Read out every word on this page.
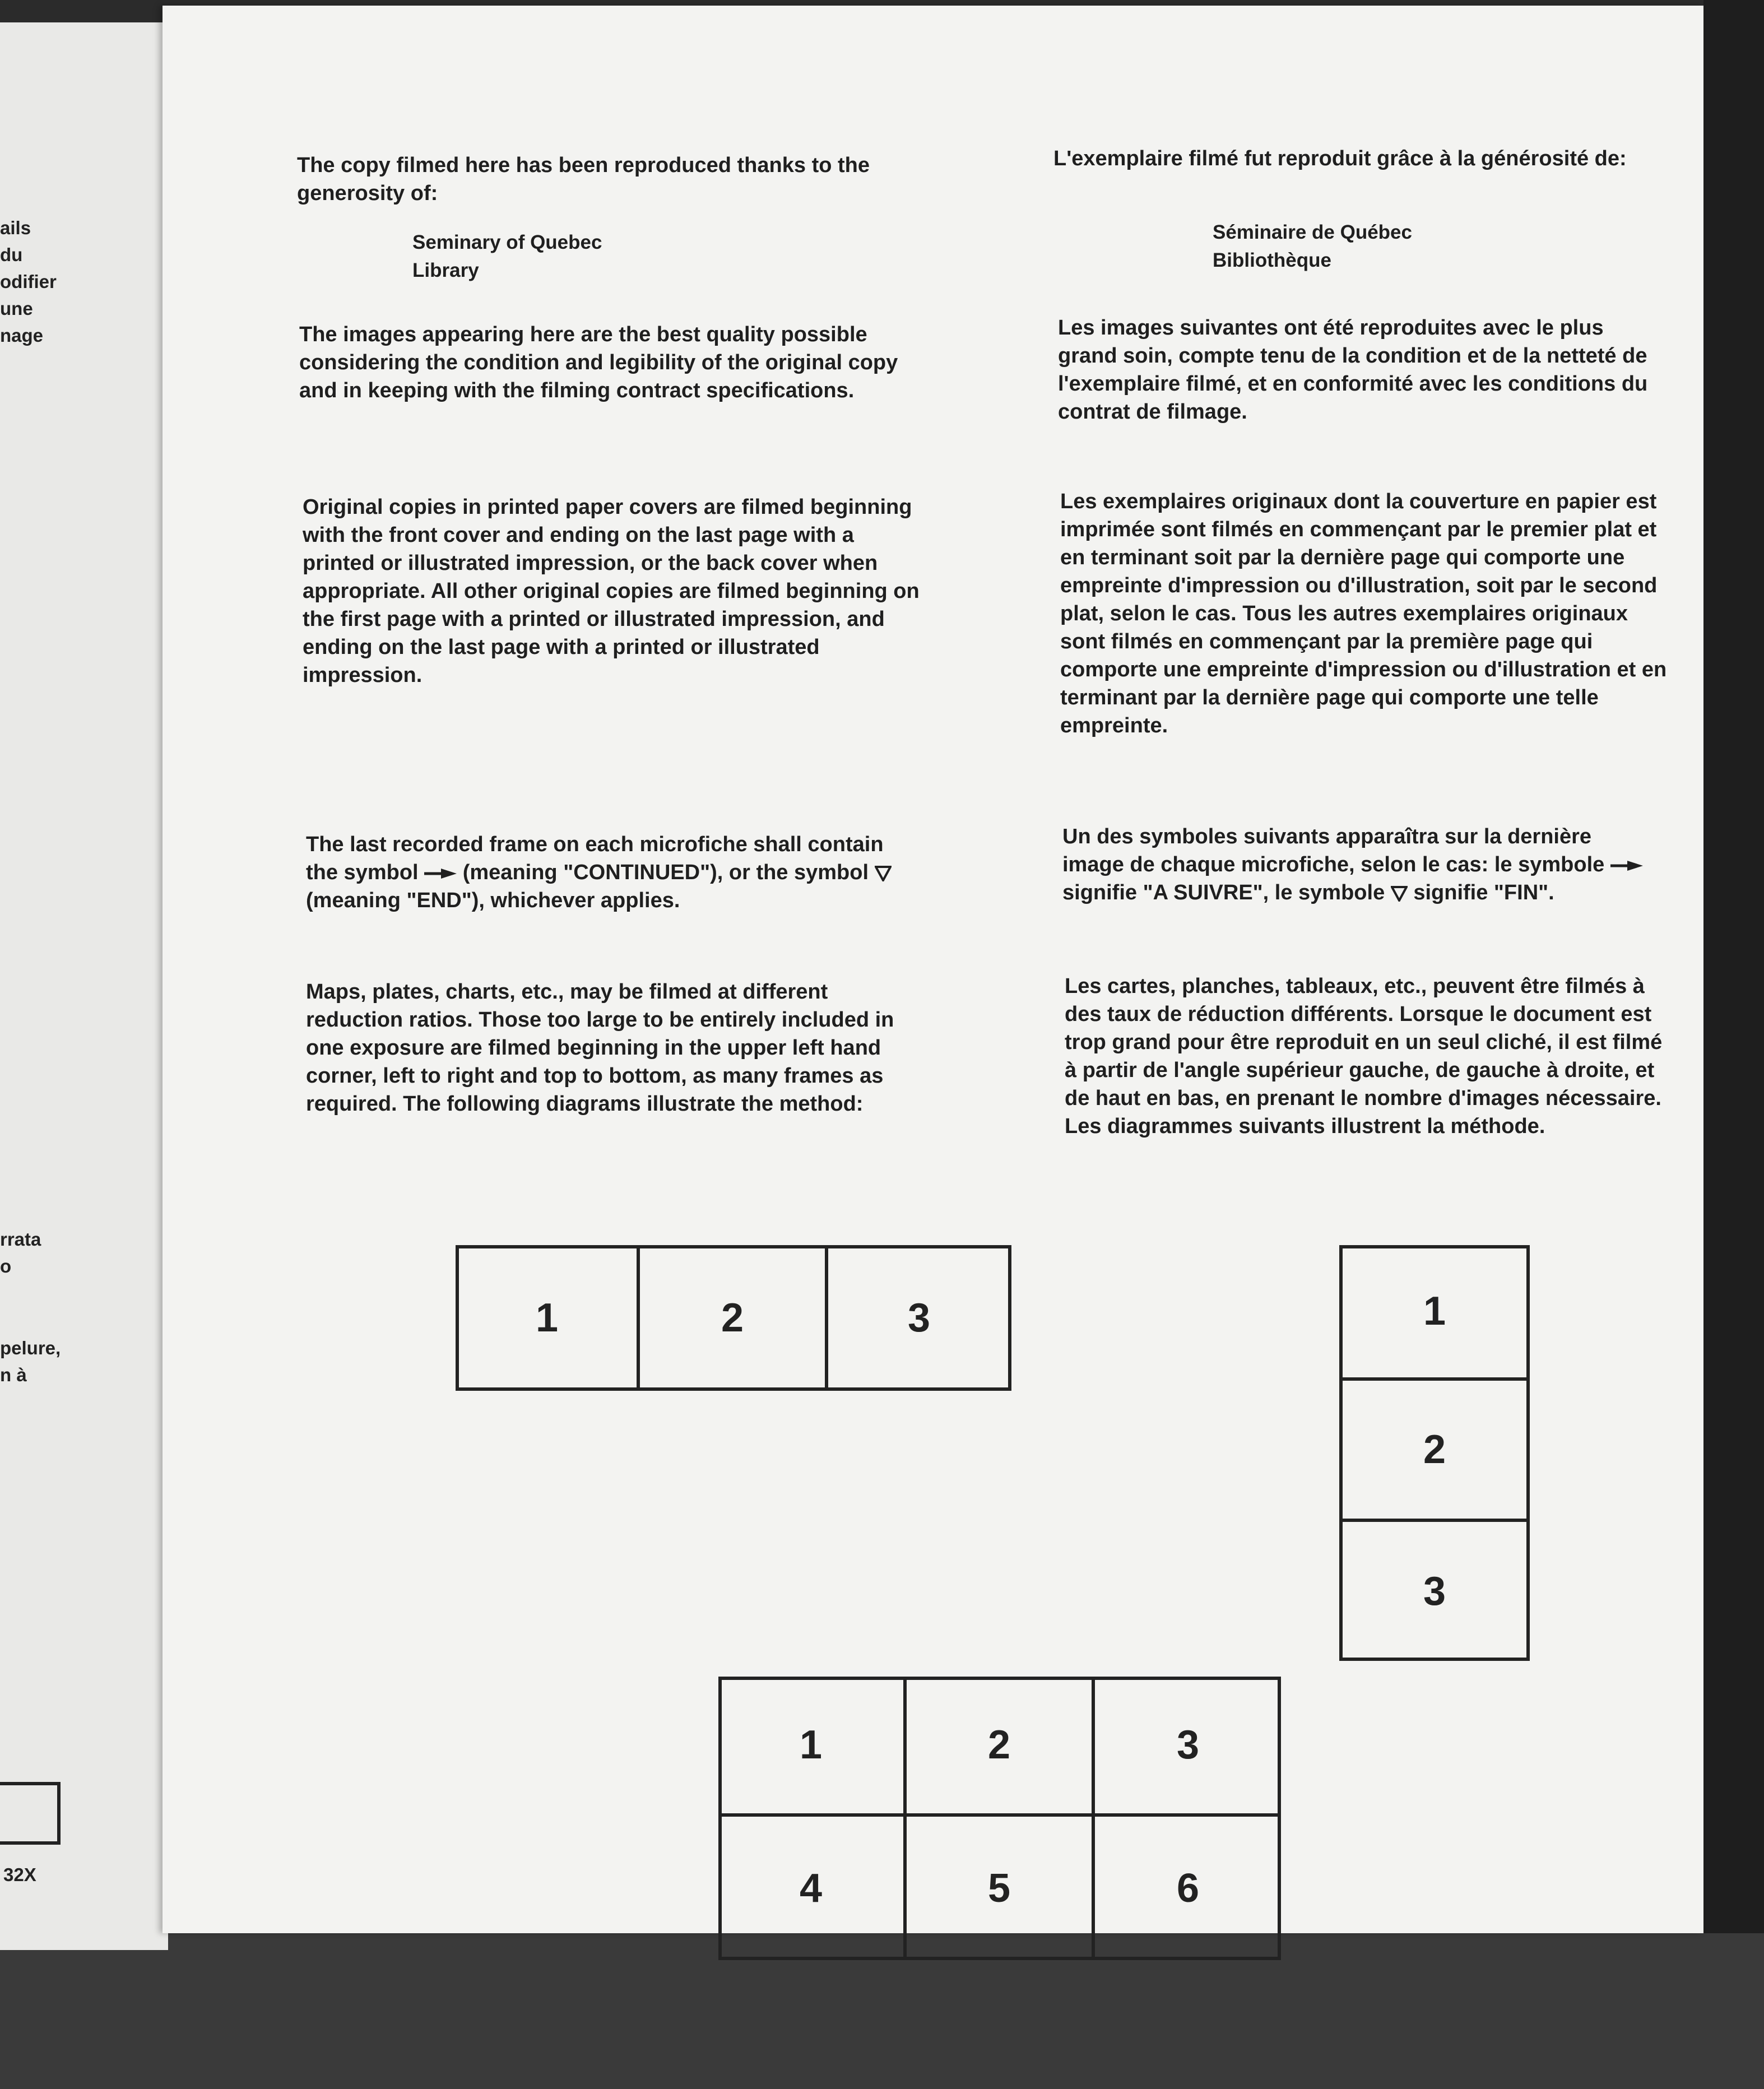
ails
du
odifier
une
nage
rrata
o
pelure,
n à
32X

The copy filmed here has been reproduced thanks to the generosity of:

Seminary of Quebec
Library

The images appearing here are the best quality possible considering the condition and legibility of the original copy and in keeping with the filming contract specifications.

Original copies in printed paper covers are filmed beginning with the front cover and ending on the last page with a printed or illustrated impression, or the back cover when appropriate. All other original copies are filmed beginning on the first page with a printed or illustrated impression, and ending on the last page with a printed or illustrated impression.

The last recorded frame on each microfiche shall contain the symbol (meaning "CONTINUED"), or the symbol  (meaning "END"), whichever applies.

Maps, plates, charts, etc., may be filmed at different reduction ratios. Those too large to be entirely included in one exposure are filmed beginning in the upper left hand corner, left to right and top to bottom, as many frames as required. The following diagrams illustrate the method:

L'exemplaire filmé fut reproduit grâce à la générosité de:

Séminaire de Québec
Bibliothèque

Les images suivantes ont été reproduites avec le plus grand soin, compte tenu de la condition et de la netteté de l'exemplaire filmé, et en conformité avec les conditions du contrat de filmage.

Les exemplaires originaux dont la couverture en papier est imprimée sont filmés en commençant par le premier plat et en terminant soit par la dernière page qui comporte une empreinte d'impression ou d'illustration, soit par le second plat, selon le cas. Tous les autres exemplaires originaux sont filmés en commençant par la première page qui comporte une empreinte d'impression ou d'illustration et en terminant par la dernière page qui comporte une telle empreinte.

Un des symboles suivants apparaîtra sur la dernière image de chaque microfiche, selon le cas: le symbole  signifie "A SUIVRE", le symbole signifie "FIN".

Les cartes, planches, tableaux, etc., peuvent être filmés à des taux de réduction différents. Lorsque le document est trop grand pour être reproduit en un seul cliché, il est filmé à partir de l'angle supérieur gauche, de gauche à droite, et de haut en bas, en prenant le nombre d'images nécessaire. Les diagrammes suivants illustrent la méthode.

1	2	3	1
2
3
1	2	3
4	5	6
